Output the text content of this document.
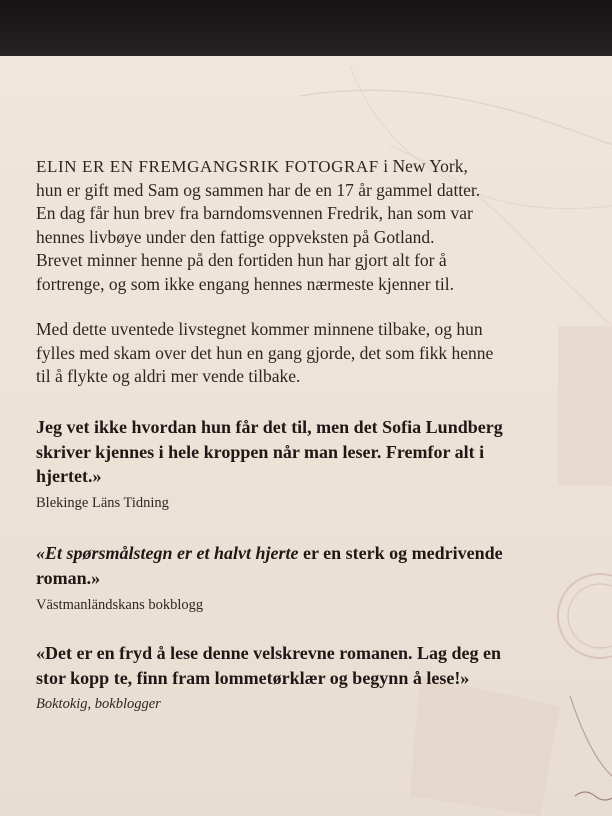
ELIN ER EN FREMGANGSRIK FOTOGRAF i New York,
hun er gift med Sam og sammen har de en 17 år gammel datter.
En dag får hun brev fra barndomsvennen Fredrik, han som var
hennes livbøye under den fattige oppveksten på Gotland.
Brevet minner henne på den fortiden hun har gjort alt for å
fortrenge, og som ikke engang hennes nærmeste kjenner til.

Med dette uventede livstegnet kommer minnene tilbake, og hun
fylles med skam over det hun en gang gjorde, det som fikk henne
til å flykte og aldri mer vende tilbake.

Jeg vet ikke hvordan hun får det til, men det Sofia Lundberg
skriver kjennes i hele kroppen når man leser. Fremfor alt i
hjertet.»

Blekinge Läns Tidning

«Et spørsmålstegn er et halvt hjerte er en sterk og medrivende
roman.»

Västmanländskans bokblogg

«Det er en fryd å lese denne velskrevne romanen. Lag deg en
stor kopp te, finn fram lommetørklær og begynn å lese!»

Boktokig, bokblogger
